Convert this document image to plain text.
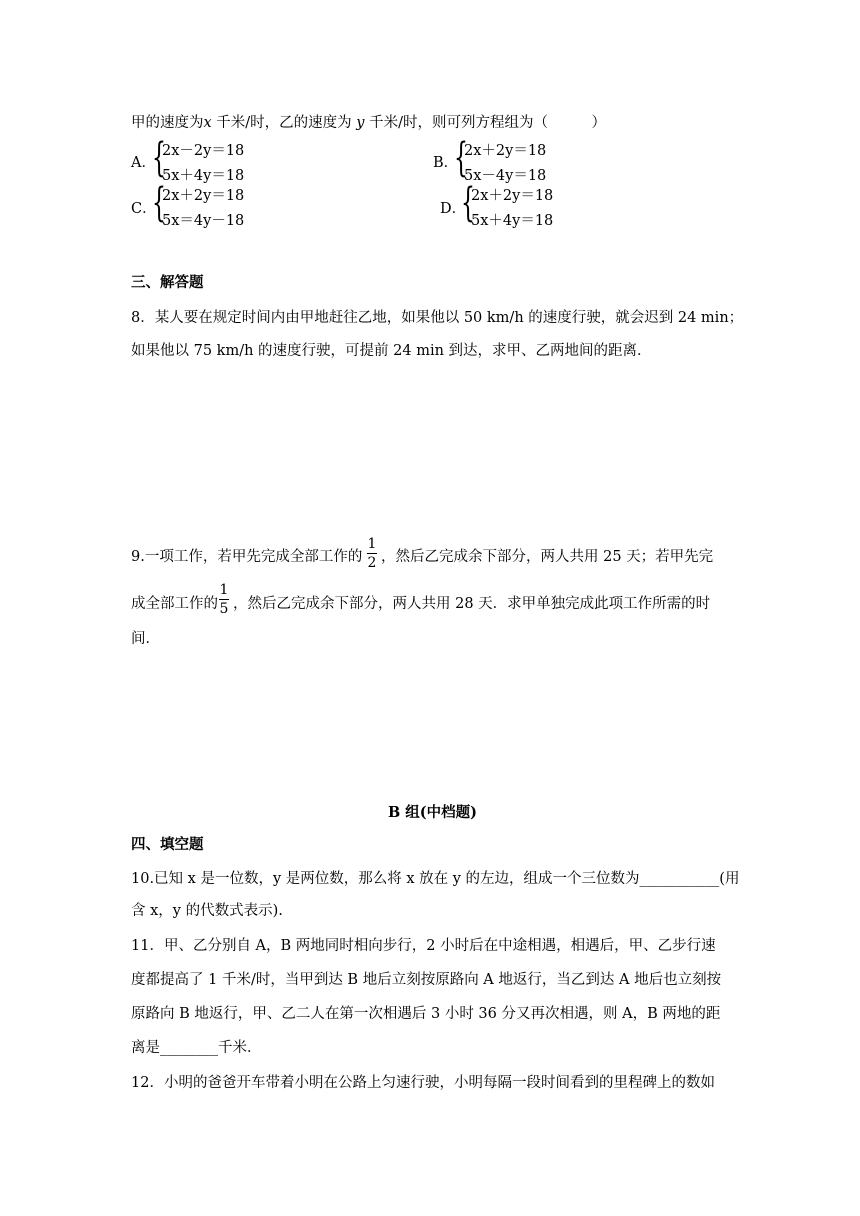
甲的速度为x 千米/时，乙的速度为 y 千米/时，则可列方程组为（　　　）
A．
{
2x－2y＝18
5x＋4y＝18
B．
{
2x＋2y＝18
5x－4y＝18
C．
{
2x＋2y＝18
5x＝4y－18
D．
{
2x＋2y＝18
5x＋4y＝18
三、解答题
8．某人要在规定时间内由甲地赶往乙地，如果他以 50 km/h 的速度行驶，就会迟到 24 min；
如果他以 75 km/h 的速度行驶，可提前 24 min 到达，求甲、乙两地间的距离．
9.一项工作，若甲先完成全部工作的
1
2 ，然后乙完成余下部分，两人共用 25 天；若甲先完
成全部工作的
1
5 ，然后乙完成余下部分，两人共用 28 天．求甲单独完成此项工作所需的时
间．
B 组(中档题)
四、填空题
10.已知 x 是一位数，y 是两位数，那么将 x 放在 y 的左边，组成一个三位数为___________(用
含 x，y 的代数式表示).
11．甲、乙分别自 A，B 两地同时相向步行，2 小时后在中途相遇，相遇后，甲、乙步行速
度都提高了 1 千米/时，当甲到达 B 地后立刻按原路向 A 地返行，当乙到达 A 地后也立刻按
原路向 B 地返行，甲、乙二人在第一次相遇后 3 小时 36 分又再次相遇，则 A，B 两地的距
离是________千米．
12．小明的爸爸开车带着小明在公路上匀速行驶，小明每隔一段时间看到的里程碑上的数如
